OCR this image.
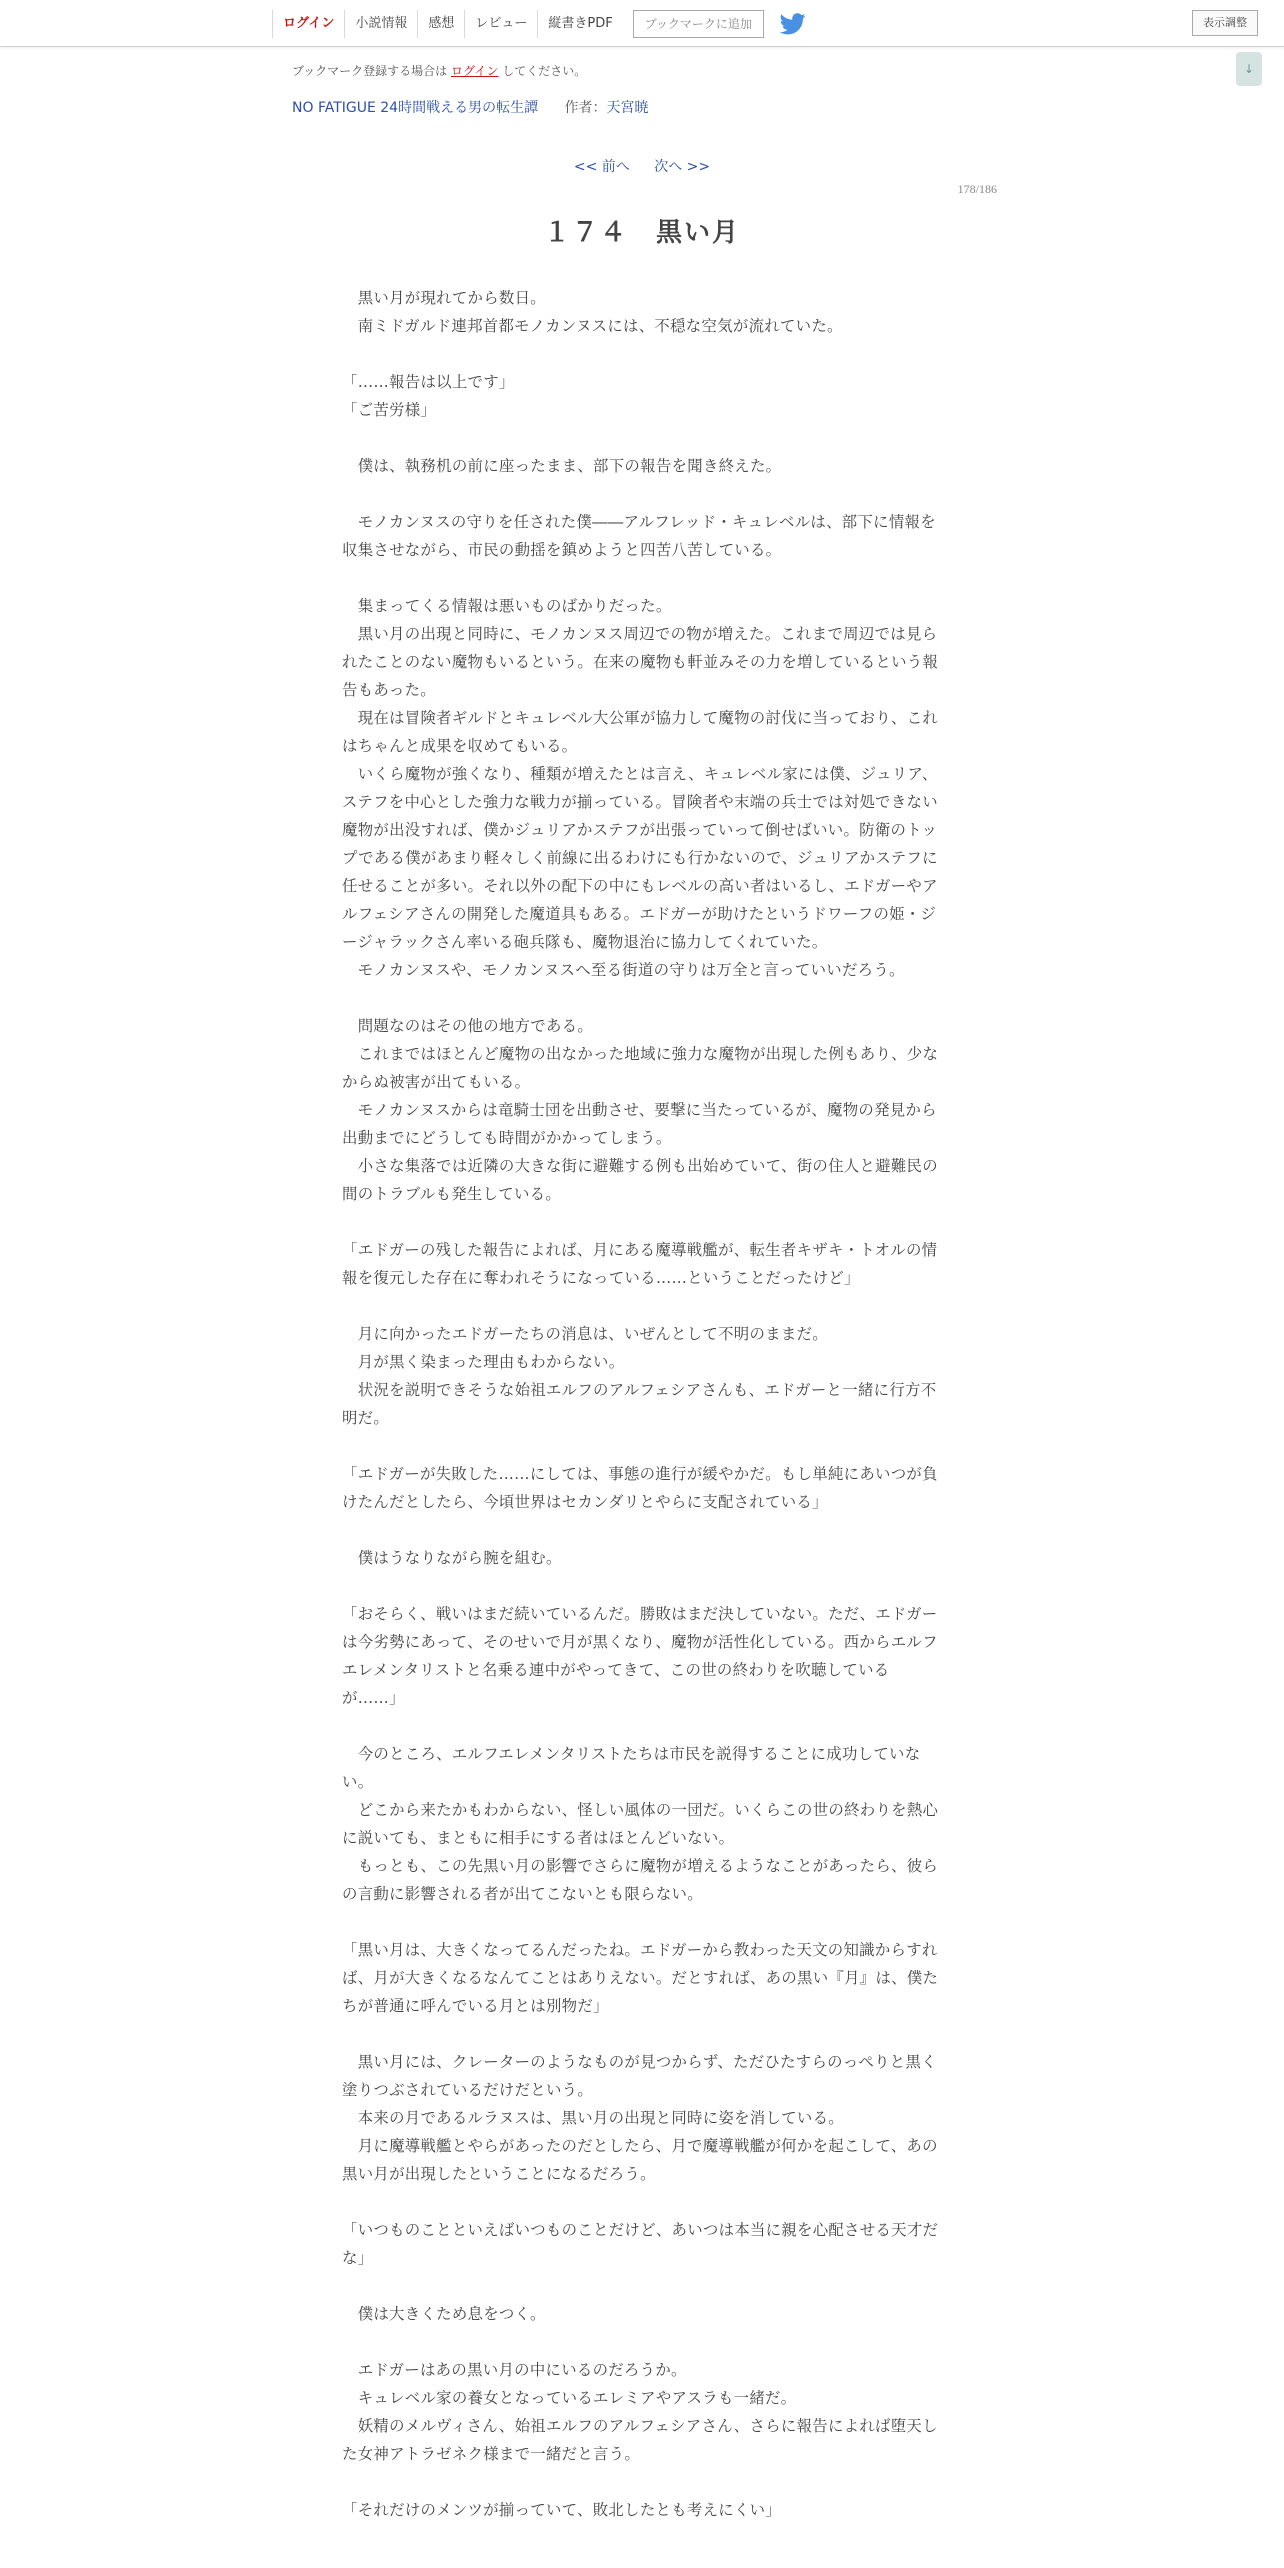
ログイン	小説情報	感想	レビュー	縦書きPDF	ブックマークに追加	表示調整
↓
ブックマーク登録する場合は ログイン してください。
NO FATIGUE 24時間戦える男の転生譚 作者：天宮暁
<< 前へ 次へ >>
178/186
１７４　黒い月

　黒い月が現れてから数日。

　南ミドガルド連邦首都モノカンヌスには、不穏な空気が流れていた。

「……報告は以上です」

「ご苦労様」

　僕は、執務机の前に座ったまま、部下の報告を聞き終えた。

　モノカンヌスの守りを任された僕――アルフレッド・キュレベルは、部下に情報を収集させながら、市民の動揺を鎮めようと四苦八苦している。

　集まってくる情報は悪いものばかりだった。

　黒い月の出現と同時に、モノカンヌス周辺での物が増えた。これまで周辺では見られたことのない魔物もいるという。在来の魔物も軒並みその力を増しているという報告もあった。

　現在は冒険者ギルドとキュレベル大公軍が協力して魔物の討伐に当っており、これはちゃんと成果を収めてもいる。

　いくら魔物が強くなり、種類が増えたとは言え、キュレベル家には僕、ジュリア、ステフを中心とした強力な戦力が揃っている。冒険者や末端の兵士では対処できない魔物が出没すれば、僕かジュリアかステフが出張っていって倒せばいい。防衛のトップである僕があまり軽々しく前線に出るわけにも行かないので、ジュリアかステフに任せることが多い。それ以外の配下の中にもレベルの高い者はいるし、エドガーやアルフェシアさんの開発した魔道具もある。エドガーが助けたというドワーフの姫・ジージャラックさん率いる砲兵隊も、魔物退治に協力してくれていた。

　モノカンヌスや、モノカンヌスへ至る街道の守りは万全と言っていいだろう。

　問題なのはその他の地方である。

　これまではほとんど魔物の出なかった地域に強力な魔物が出現した例もあり、少なからぬ被害が出てもいる。

　モノカンヌスからは竜騎士団を出動させ、要撃に当たっているが、魔物の発見から出動までにどうしても時間がかかってしまう。

　小さな集落では近隣の大きな街に避難する例も出始めていて、街の住人と避難民の間のトラブルも発生している。

「エドガーの残した報告によれば、月にある魔導戦艦が、転生者キザキ・トオルの情報を復元した存在に奪われそうになっている……ということだったけど」

　月に向かったエドガーたちの消息は、いぜんとして不明のままだ。

　月が黒く染まった理由もわからない。

　状況を説明できそうな始祖エルフのアルフェシアさんも、エドガーと一緒に行方不明だ。

「エドガーが失敗した……にしては、事態の進行が緩やかだ。もし単純にあいつが負けたんだとしたら、今頃世界はセカンダリとやらに支配されている」

　僕はうなりながら腕を組む。

「おそらく、戦いはまだ続いているんだ。勝敗はまだ決していない。ただ、エドガーは今劣勢にあって、そのせいで月が黒くなり、魔物が活性化している。西からエルフエレメンタリストと名乗る連中がやってきて、この世の終わりを吹聴しているが……」

　今のところ、エルフエレメンタリストたちは市民を説得することに成功していない。

　どこから来たかもわからない、怪しい風体の一団だ。いくらこの世の終わりを熱心に説いても、まともに相手にする者はほとんどいない。

　もっとも、この先黒い月の影響でさらに魔物が増えるようなことがあったら、彼らの言動に影響される者が出てこないとも限らない。

「黒い月は、大きくなってるんだったね。エドガーから教わった天文の知識からすれば、月が大きくなるなんてことはありえない。だとすれば、あの黒い『月』は、僕たちが普通に呼んでいる月とは別物だ」

　黒い月には、クレーターのようなものが見つからず、ただひたすらのっぺりと黒く塗りつぶされているだけだという。

　本来の月であるルラヌスは、黒い月の出現と同時に姿を消している。

　月に魔導戦艦とやらがあったのだとしたら、月で魔導戦艦が何かを起こして、あの黒い月が出現したということになるだろう。

「いつものことといえばいつものことだけど、あいつは本当に親を心配させる天才だな」

　僕は大きくため息をつく。

　エドガーはあの黒い月の中にいるのだろうか。

　キュレベル家の養女となっているエレミアやアスラも一緒だ。

　妖精のメルヴィさん、始祖エルフのアルフェシアさん、さらに報告によれば堕天した女神アトラゼネク様まで一緒だと言う。

「それだけのメンツが揃っていて、敗北したとも考えにくい」
